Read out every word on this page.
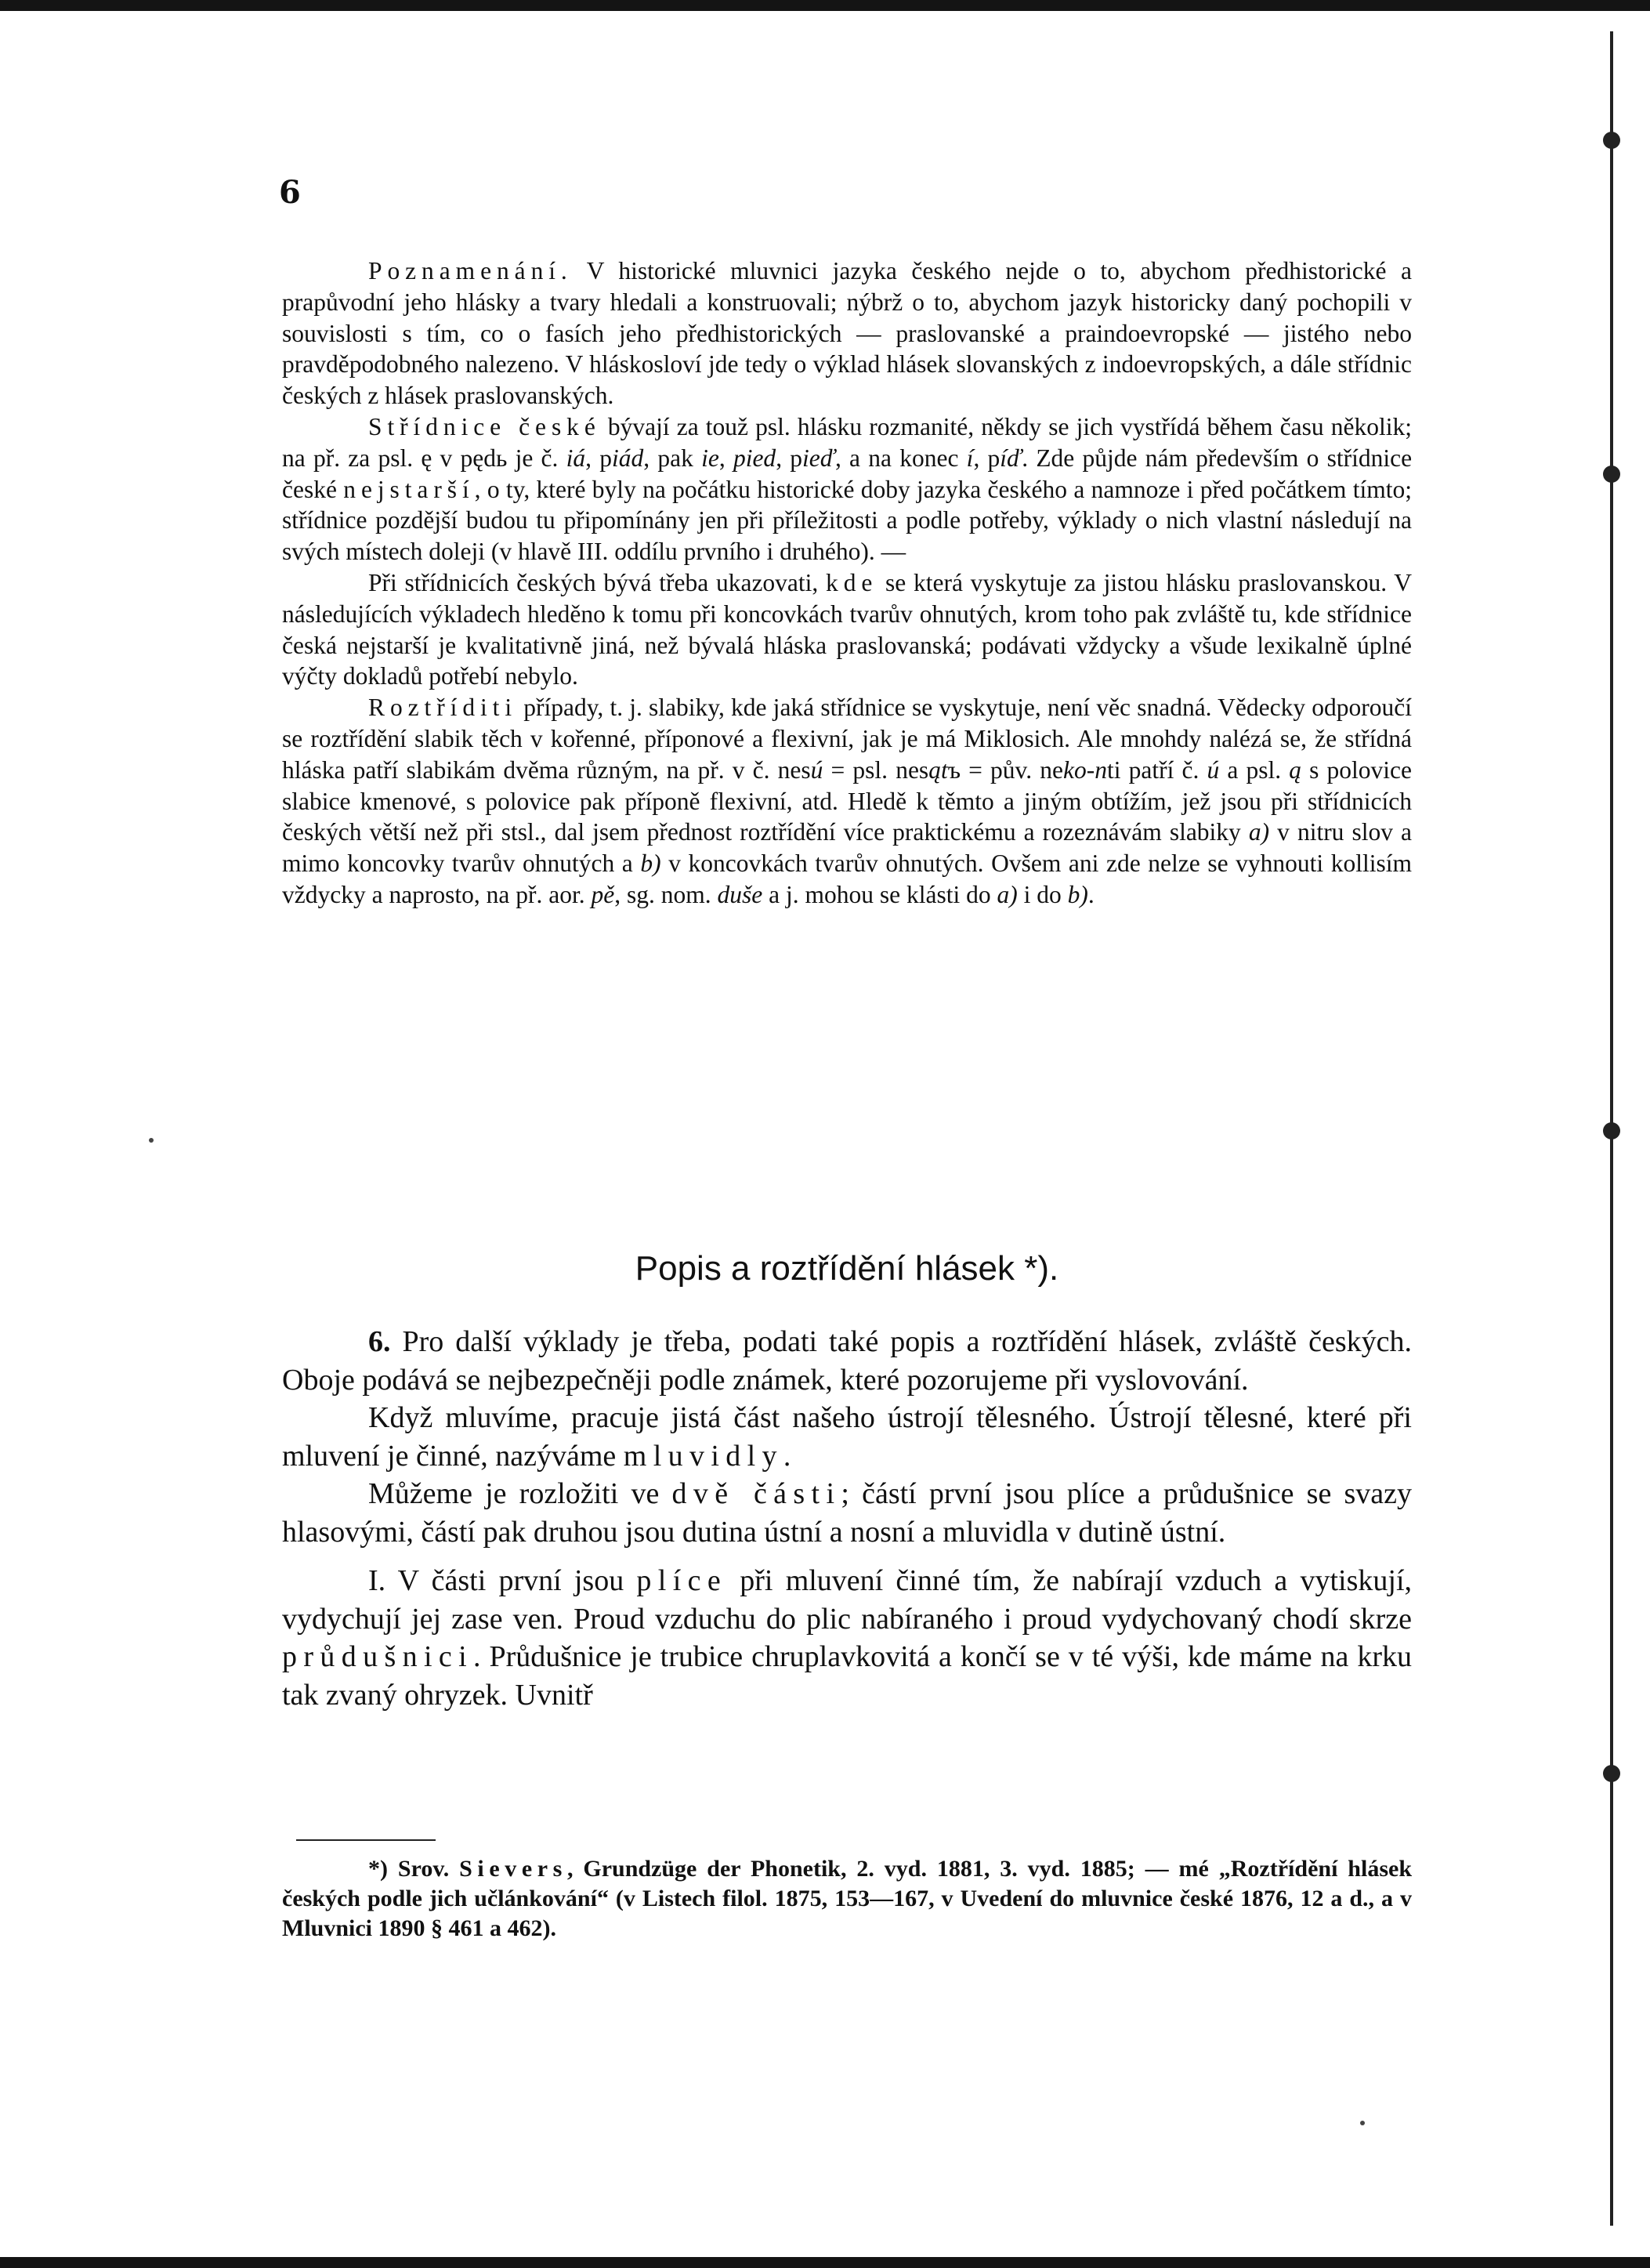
6

Poznamenání. V historické mluvnici jazyka českého nejde o to, abychom předhistorické a prapůvodní jeho hlásky a tvary hledali a konstruovali; nýbrž o to, abychom jazyk historicky daný pochopili v souvislosti s tím, co o fasích jeho předhistorických — praslovanské a praindoevropské — jistého nebo pravděpodobného nalezeno. V hláskosloví jde tedy o výklad hlásek slovanských z indoevropských, a dále střídnic českých z hlásek praslovanských.

Střídnice české bývají za touž psl. hlásku rozmanité, někdy se jich vystřídá během času několik; na př. za psl. ę v pędь je č. iá, piád, pak ie, pied, pieď, a na konec í, píď. Zde půjde nám především o střídnice české nejstarší, o ty, které byly na počátku historické doby jazyka českého a namnoze i před počátkem tímto; střídnice pozdější budou tu připomínány jen při příležitosti a podle potřeby, výklady o nich vlastní následují na svých místech doleji (v hlavě III. oddílu prvního i druhého). —

Při střídnicích českých bývá třeba ukazovati, kde se která vyskytuje za jistou hlásku praslovanskou. V následujících výkladech hleděno k tomu při koncovkách tvarův ohnutých, krom toho pak zvláště tu, kde střídnice česká nejstarší je kvalitativně jiná, než bývalá hláska praslovanská; podávati vždycky a všude lexikalně úplné výčty dokladů potřebí nebylo.

Roztříditi případy, t. j. slabiky, kde jaká střídnice se vyskytuje, není věc snadná. Vědecky odporoučí se roztřídění slabik těch v kořenné, příponové a flexivní, jak je má Miklosich. Ale mnohdy nalézá se, že střídná hláska patří slabikám dvěma různým, na př. v č. nesú = psl. nesątъ = pův. neko-nti patří č. ú a psl. ą s polovice slabice kmenové, s polovice pak příponě flexivní, atd. Hledě k těmto a jiným obtížím, jež jsou při střídnicích českých větší než při stsl., dal jsem přednost roztřídění více praktickému a rozeznávám slabiky a) v nitru slov a mimo koncovky tvarův ohnutých a b) v koncovkách tvarův ohnutých. Ovšem ani zde nelze se vyhnouti kollisím vždycky a naprosto, na př. aor. pě, sg. nom. duše a j. mohou se klásti do a) i do b).

Popis a roztřídění hlásek *).

6. Pro další výklady je třeba, podati také popis a roztřídění hlásek, zvláště českých. Oboje podává se nejbezpečněji podle známek, které pozorujeme při vyslovování.

Když mluvíme, pracuje jistá část našeho ústrojí tělesného. Ústrojí tělesné, které při mluvení je činné, nazýváme mluvidly.

Můžeme je rozložiti ve dvě části; částí první jsou plíce a průdušnice se svazy hlasovými, částí pak druhou jsou dutina ústní a nosní a mluvidla v dutině ústní.

I. V části první jsou plíce při mluvení činné tím, že nabírají vzduch a vytiskují, vydychují jej zase ven. Proud vzduchu do plic nabíraného i proud vydychovaný chodí skrze průdušnici. Průdušnice je trubice chruplavkovitá a končí se v té výši, kde máme na krku tak zvaný ohryzek. Uvnitř

*) Srov. Sievers, Grundzüge der Phonetik, 2. vyd. 1881, 3. vyd. 1885; — mé „Roztřídění hlásek českých podle jich učlánkování“ (v Listech filol. 1875, 153—167, v Uvedení do mluvnice české 1876, 12 a d., a v Mluvnici 1890 § 461 a 462).
